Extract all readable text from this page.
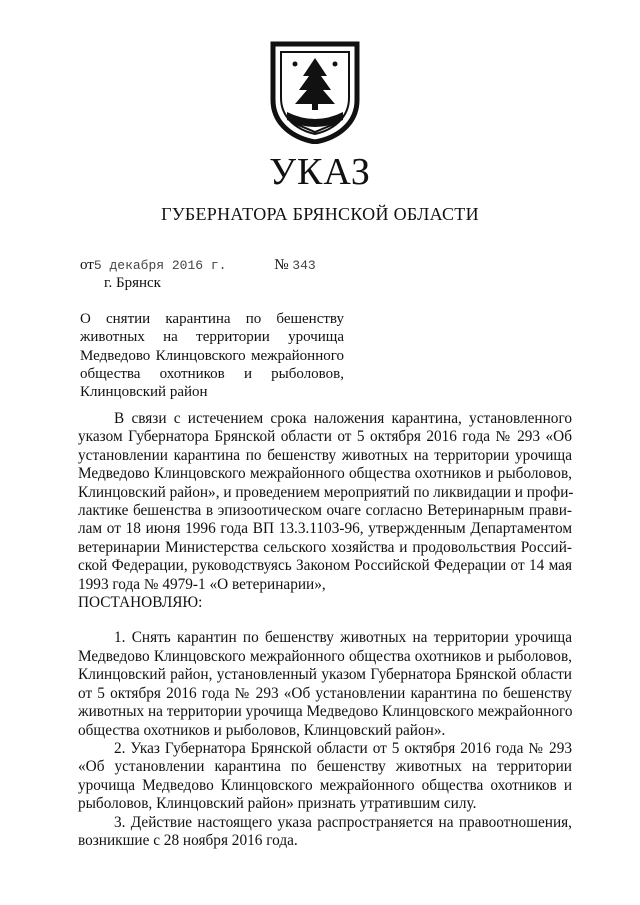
УКАЗ
ГУБЕРНАТОРА БРЯНСКОЙ ОБЛАСТИ
от5 декабря 2016 г.	№ 343
г. Брянск
О снятии карантина по бешенству
животных на территории урочища
Медведово Клинцовского межрайонного
общества охотников и рыболовов,
Клинцовский район
В связи с истечением срока наложения карантина, установленного
указом Губернатора Брянской области от 5 октября 2016 года № 293 «Об
установлении карантина по бешенству животных на территории урочища
Медведово Клинцовского межрайонного общества охотников и рыболовов,
Клинцовский район», и проведением мероприятий по ликвидации и профи-
лактике бешенства в эпизоотическом очаге согласно Ветеринарным прави-
лам от 18 июня 1996 года ВП 13.3.1103-96, утвержденным Департаментом
ветеринарии Министерства сельского хозяйства и продовольствия Россий-
ской Федерации, руководствуясь Законом Российской Федерации от 14 мая
1993 года № 4979-1 «О ветеринарии»,
ПОСТАНОВЛЯЮ:
1. Снять карантин по бешенству животных на территории урочища
Медведово Клинцовского межрайонного общества охотников и рыболовов,
Клинцовский район, установленный указом Губернатора Брянской области
от 5 октября 2016 года № 293 «Об установлении карантина по бешенству
животных на территории урочища Медведово Клинцовского межрайонного
общества охотников и рыболовов, Клинцовский район».
2. Указ Губернатора Брянской области от 5 октября 2016 года № 293
«Об установлении карантина по бешенству животных на территории
урочища Медведово Клинцовского межрайонного общества охотников и
рыболовов, Клинцовский район» признать утратившим силу.
3. Действие настоящего указа распространяется на правоотношения,
возникшие с 28 ноября 2016 года.
